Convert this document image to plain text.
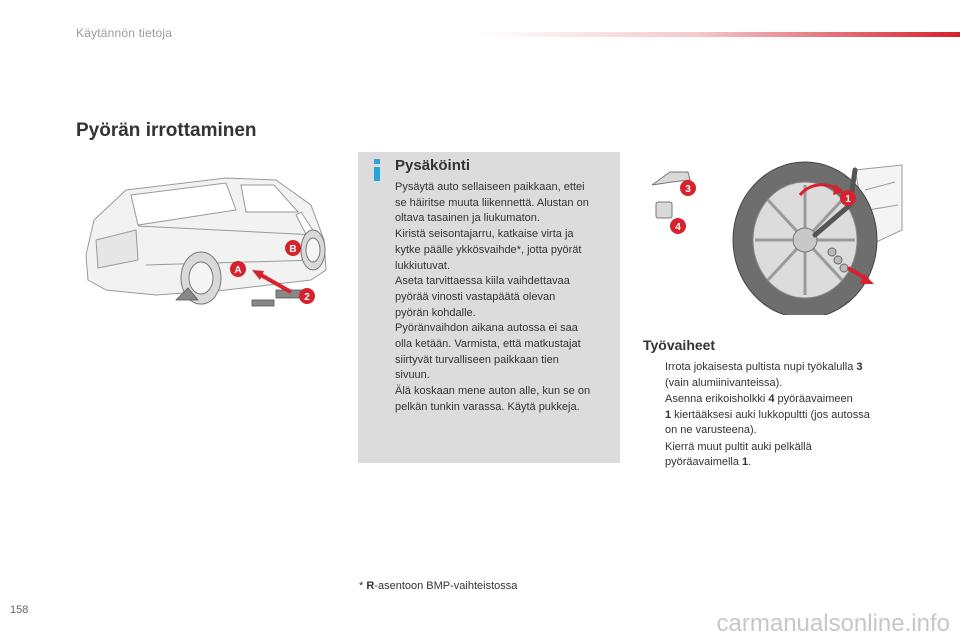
Käytännön tietoja
Pyörän irrottaminen
A
B
2
Pysäköinti

Pysäytä auto sellaiseen paikkaan, ettei

se häiritse muuta liikennettä. Alustan on

oltava tasainen ja liukumaton.

Kiristä seisontajarru, katkaise virta ja

kytke päälle ykkösvaihde*, jotta pyörät

lukkiutuvat.

Aseta tarvittaessa kiila vaihdettavaa

pyörää vinosti vastapäätä olevan

pyörän kohdalle.

Pyöränvaihdon aikana autossa ei saa

olla ketään. Varmista, että matkustajat

siirtyvät turvalliseen paikkaan tien

sivuun.

Älä koskaan mene auton alle, kun se on

pelkän tunkin varassa. Käytä pukkeja.

3
4
1
Työvaiheet
Irrota jokaisesta pultista nupi työkalulla 3
(vain alumiinivanteissa).
Asenna erikoisholkki 4 pyöräavaimeen
1 kiertääksesi auki lukkopultti (jos autossa
on ne varusteena).
Kierrä muut pultit auki pelkällä
pyöräavaimella 1.
* R-asentoon BMP-vaihteistossa
158	carmanualsonline.info
